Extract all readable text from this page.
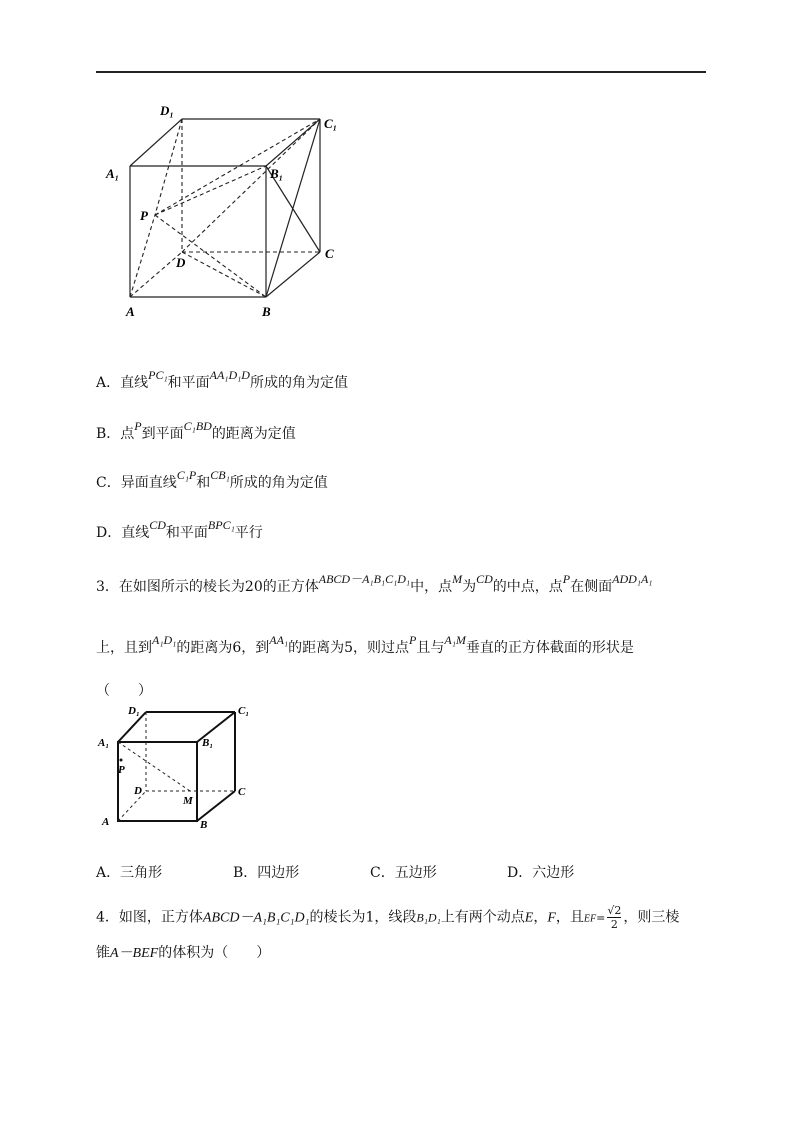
D₁
C₁
A₁	B₁
P
D
C
A	B
A．直线PC₁和平面AA₁D₁D所成的角为定值
B．点P到平面C₁BD的距离为定值
C．异面直线C₁P和CB₁所成的角为定值
D．直线CD和平面BPC₁平行
3．在如图所示的棱长为20的正方体ABCD－A₁B₁C₁D₁中，点M为CD的中点，点P在侧面ADD₁A₁
上，且到A₁D₁的距离为6，到AA₁的距离为5，则过点P且与A₁M垂直的正方体截面的形状是
（　　）
D₁	C₁
A₁	B₁
P
D
M
C
A	B
A．三角形	B．四边形	C．五边形	D．六边形
4．如图，正方体ABCD－A₁B₁C₁D₁的棱长为1，线段B₁D₁上有两个动点E，F，且$EF= \frac{√2}{2}$ ，则三棱
锥A－BEF的体积为（　　）
